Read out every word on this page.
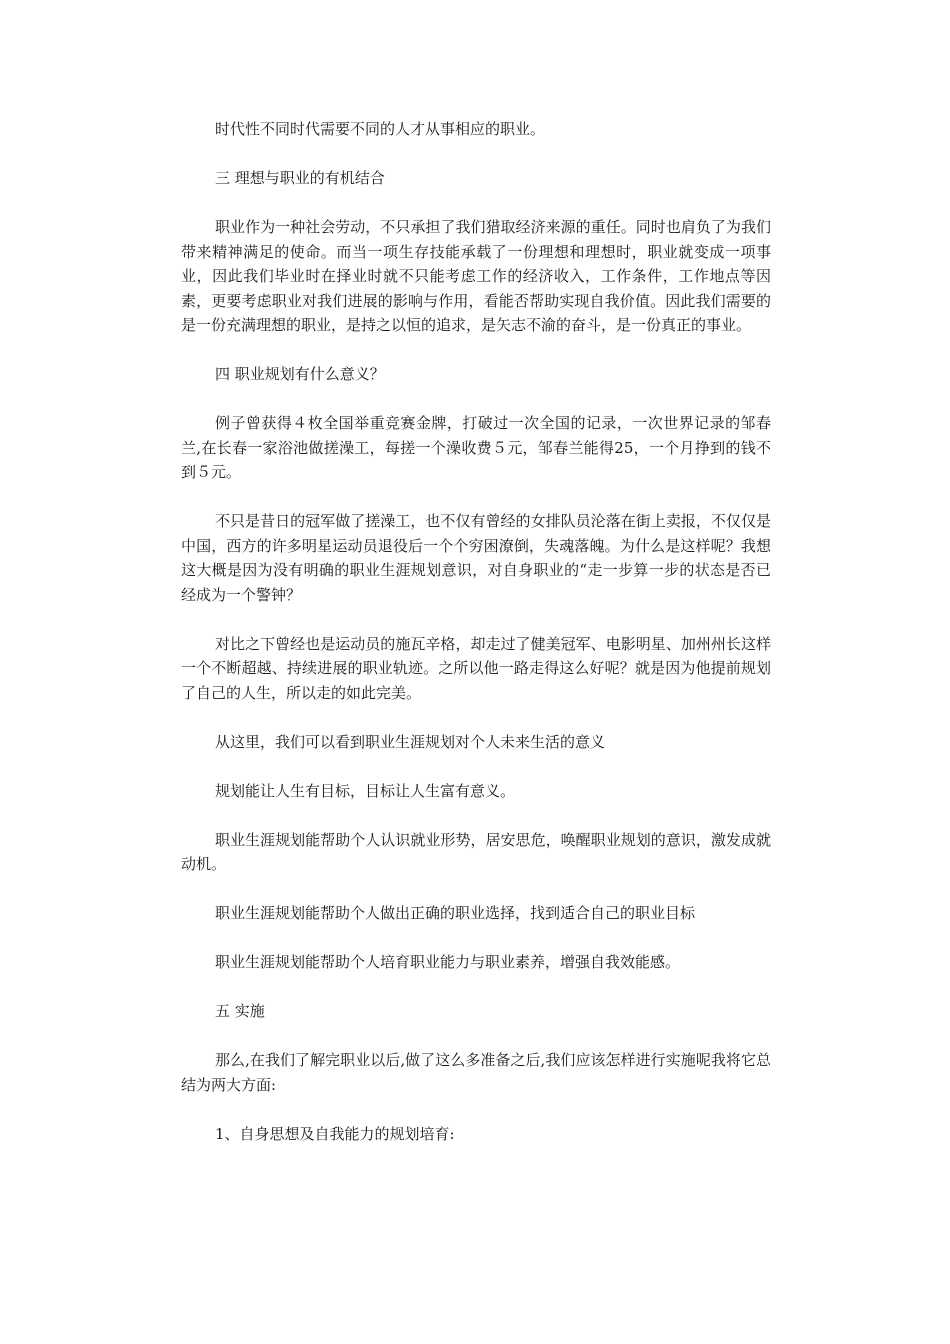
时代性不同时代需要不同的人才从事相应的职业。

三 理想与职业的有机结合

职业作为一种社会劳动，不只承担了我们猎取经济来源的重任。同时也肩负了为我们带来精神满足的使命。而当一项生存技能承载了一份理想和理想时，职业就变成一项事业，因此我们毕业时在择业时就不只能考虑工作的经济收入，工作条件，工作地点等因素，更要考虑职业对我们进展的影响与作用，看能否帮助实现自我价值。因此我们需要的是一份充满理想的职业，是持之以恒的追求，是矢志不渝的奋斗，是一份真正的事业。

四 职业规划有什么意义？

例子曾获得４枚全国举重竞赛金牌，打破过一次全国的记录，一次世界记录的邹春兰,在长春一家浴池做搓澡工，每搓一个澡收费５元，邹春兰能得25，一个月挣到的钱不到５元。

不只是昔日的冠军做了搓澡工，也不仅有曾经的女排队员沦落在街上卖报，不仅仅是中国，西方的许多明星运动员退役后一个个穷困潦倒，失魂落魄。为什么是这样呢？我想这大概是因为没有明确的职业生涯规划意识，对自身职业的“走一步算一步的状态是否已经成为一个警钟？

对比之下曾经也是运动员的施瓦辛格，却走过了健美冠军、电影明星、加州州长这样一个不断超越、持续进展的职业轨迹。之所以他一路走得这么好呢？就是因为他提前规划了自己的人生，所以走的如此完美。

从这里，我们可以看到职业生涯规划对个人未来生活的意义

规划能让人生有目标，目标让人生富有意义。

职业生涯规划能帮助个人认识就业形势，居安思危，唤醒职业规划的意识，激发成就动机。

职业生涯规划能帮助个人做出正确的职业选择，找到适合自己的职业目标

职业生涯规划能帮助个人培育职业能力与职业素养，增强自我效能感。

五 实施

那么,在我们了解完职业以后,做了这么多准备之后,我们应该怎样进行实施呢我将它总结为两大方面:

1、自身思想及自我能力的规划培育:
